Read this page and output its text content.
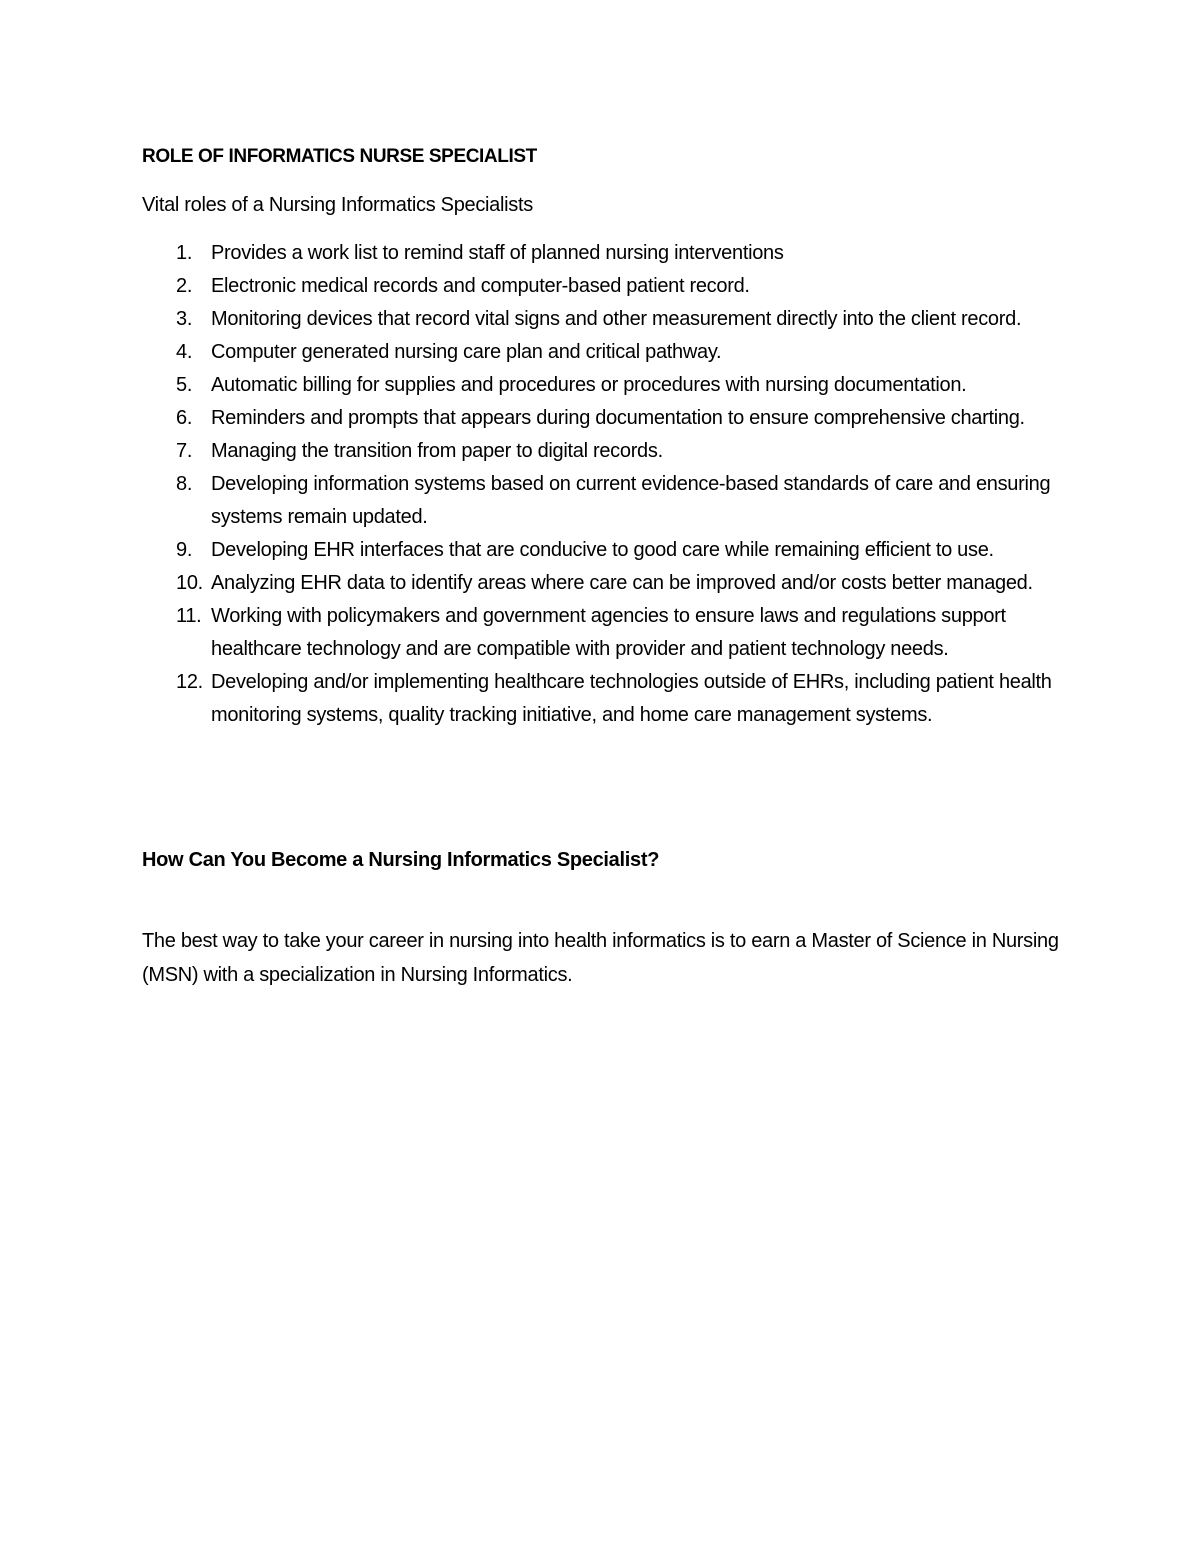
ROLE OF INFORMATICS NURSE SPECIALIST

Vital roles of a Nursing Informatics Specialists

1. Provides a work list to remind staff of planned nursing interventions
2. Electronic medical records and computer-based patient record.
3. Monitoring devices that record vital signs and other measurement directly into the client record.
4. Computer generated nursing care plan and critical pathway.
5. Automatic billing for supplies and procedures or procedures with nursing documentation.
6. Reminders and prompts that appears during documentation to ensure comprehensive charting.
7. Managing the transition from paper to digital records.
8. Developing information systems based on current evidence-based standards of care and ensuring systems remain updated.
9. Developing EHR interfaces that are conducive to good care while remaining efficient to use.
10. Analyzing EHR data to identify areas where care can be improved and/or costs better managed.
11. Working with policymakers and government agencies to ensure laws and regulations support healthcare technology and are compatible with provider and patient technology needs.
12. Developing and/or implementing healthcare technologies outside of EHRs, including patient health monitoring systems, quality tracking initiative, and home care management systems.
How Can You Become a Nursing Informatics Specialist?

The best way to take your career in nursing into health informatics is to earn a Master of Science in Nursing (MSN) with a specialization in Nursing Informatics.
